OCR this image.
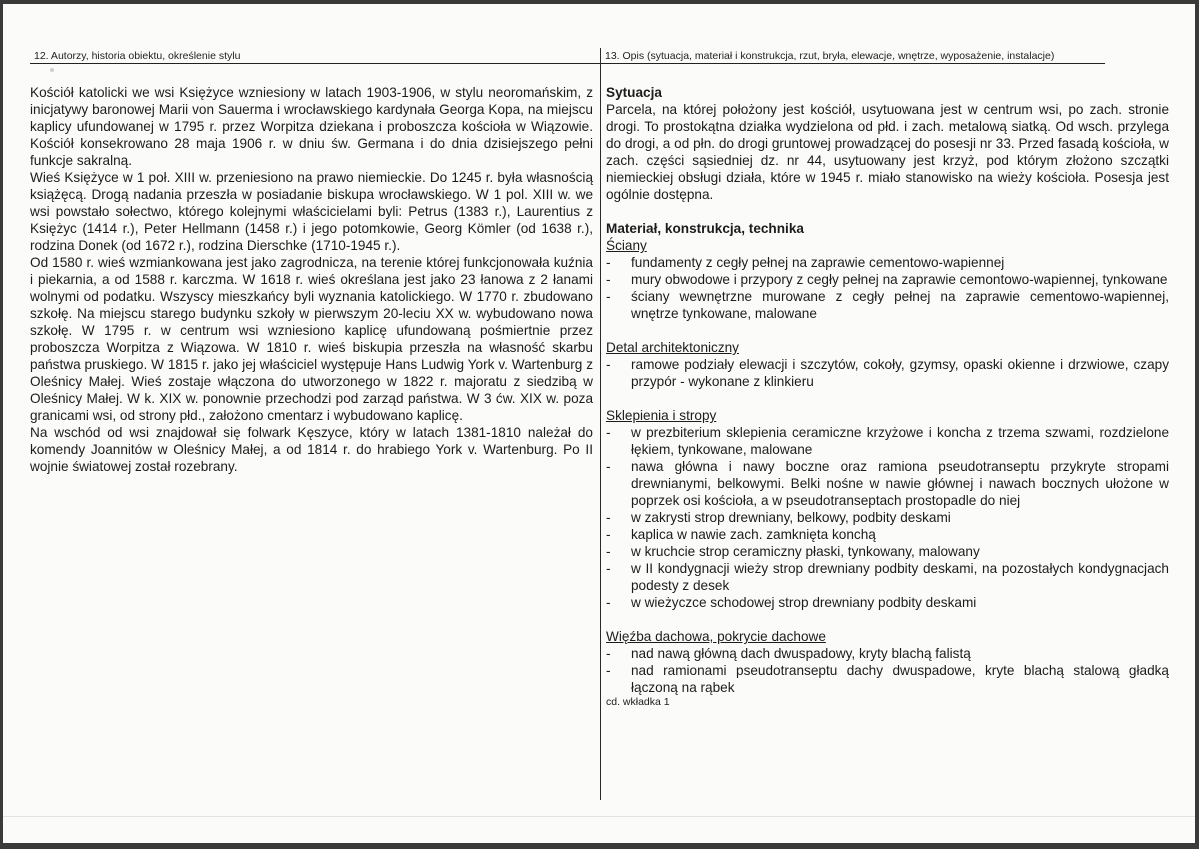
12. Autorzy, historia obiektu, określenie stylu	13. Opis (sytuacja, materiał i konstrukcja, rzut, bryła, elewacje, wnętrze, wyposażenie, instalacje)

Kościół katolicki we wsi Księżyce wzniesiony w latach 1903-1906, w stylu neoromańskim, z inicjatywy baronowej Marii von Sauerma i wrocławskiego kardynała Georga Kopa, na miejscu kaplicy ufundowanej w 1795 r. przez Worpitza dziekana i proboszcza kościoła w Wiązowie. Kościół konsekrowano 28 maja 1906 r. w dniu św. Germana i do dnia dzisiejszego pełni funkcje sakralną.

Wieś Księżyce w 1 poł. XIII w. przeniesiono na prawo niemieckie. Do 1245 r. była własnością książęcą. Drogą nadania przeszła w posiadanie biskupa wrocławskiego. W 1 pol. XIII w. we wsi powstało sołectwo, którego kolejnymi właścicielami byli: Petrus (1383 r.), Laurentius z Księżyc (1414 r.), Peter Hellmann (1458 r.) i jego potomkowie, Georg Kömler (od 1638 r.), rodzina Donek (od 1672 r.), rodzina Dierschke (1710-1945 r.).

Od 1580 r. wieś wzmiankowana jest jako zagrodnicza, na terenie której funkcjonowała kuźnia i piekarnia, a od 1588 r. karczma. W 1618 r. wieś określana jest jako 23 łanowa z 2 łanami wolnymi od podatku. Wszyscy mieszkańcy byli wyznania katolickiego. W 1770 r. zbudowano szkołę. Na miejscu starego budynku szkoły w pierwszym 20-leciu XX w. wybudowano nowa szkołę. W 1795 r. w centrum wsi wzniesiono kaplicę ufundowaną pośmiertnie przez proboszcza Worpitza z Wiązowa. W 1810 r. wieś biskupia przeszła na własność skarbu państwa pruskiego. W 1815 r. jako jej właściciel występuje Hans Ludwig York v. Wartenburg z Oleśnicy Małej. Wieś zostaje włączona do utworzonego w 1822 r. majoratu z siedzibą w Oleśnicy Małej. W k. XIX w. ponownie przechodzi pod zarząd państwa. W 3 ćw. XIX w. poza granicami wsi, od strony płd., założono cmentarz i wybudowano kaplicę.

Na wschód od wsi znajdował się folwark Kęszyce, który w latach 1381-1810 należał do komendy Joannitów w Oleśnicy Małej, a od 1814 r. do hrabiego York v. Wartenburg. Po II wojnie światowej został rozebrany.

Sytuacja

Parcela, na której położony jest kościół, usytuowana jest w centrum wsi, po zach. stronie drogi. To prostokątna działka wydzielona od płd. i zach. metalową siatką. Od wsch. przylega do drogi, a od płn. do drogi gruntowej prowadzącej do posesji nr 33. Przed fasadą kościoła, w zach. części sąsiedniej dz. nr 44, usytuowany jest krzyż, pod którym złożono szczątki niemieckiej obsługi działa, które w 1945 r. miało stanowisko na wieży kościoła. Posesja jest ogólnie dostępna.

Materiał, konstrukcja, technika

Ściany

- fundamenty z cegły pełnej na zaprawie cementowo-wapiennej
- mury obwodowe i przypory z cegły pełnej na zaprawie cemontowo-wapiennej, tynkowane
- ściany wewnętrzne murowane z cegły pełnej na zaprawie cementowo-wapiennej, wnętrze tynkowane, malowane

Detal architektoniczny

- ramowe podziały elewacji i szczytów, cokoły, gzymsy, opaski okienne i drzwiowe, czapy przypór - wykonane z klinkieru

Sklepienia i stropy

- w prezbiterium sklepienia ceramiczne krzyżowe i koncha z trzema szwami, rozdzielone łękiem, tynkowane, malowane
- nawa główna i nawy boczne oraz ramiona pseudotranseptu przykryte stropami drewnianymi, belkowymi. Belki nośne w nawie głównej i nawach bocznych ułożone w poprzek osi kościoła, a w pseudotranseptach prostopadle do niej
- w zakrysti strop drewniany, belkowy, podbity deskami
- kaplica w nawie zach. zamknięta konchą
- w kruchcie strop ceramiczny płaski, tynkowany, malowany
- w II kondygnacji wieży strop drewniany podbity deskami, na pozostałych kondygnacjach podesty z desek
- w wieżyczce schodowej strop drewniany podbity deskami

Więźba dachowa, pokrycie dachowe

- nad nawą główną dach dwuspadowy, kryty blachą falistą
- nad ramionami pseudotranseptu dachy dwuspadowe, kryte blachą stalową gładką łączoną na rąbek

cd. wkładka 1
